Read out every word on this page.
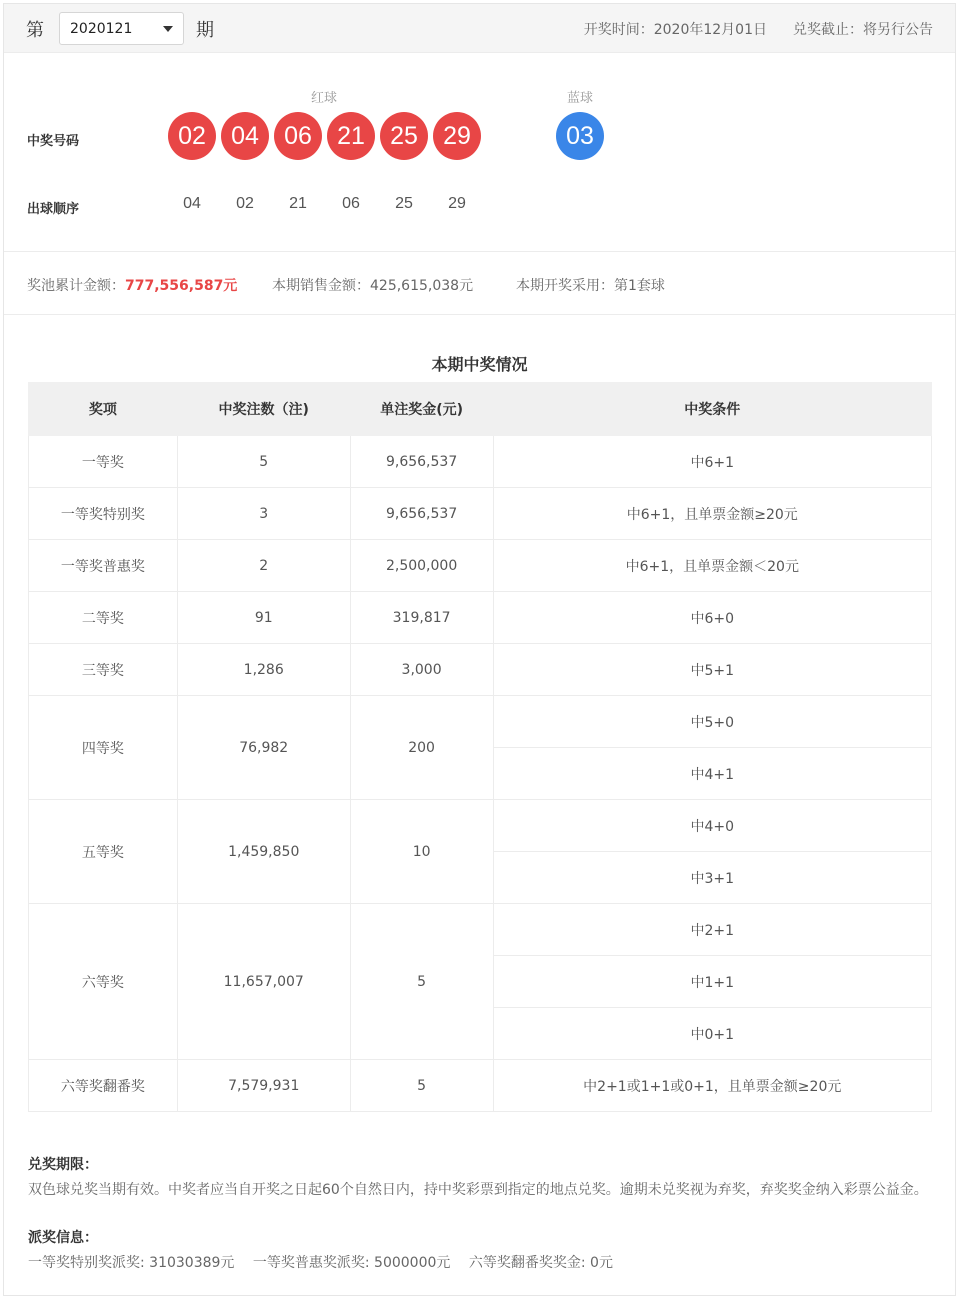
第 2020121	期	开奖时间：2020年12月01日 兑奖截止：将另行公告
红球	蓝球
中奖号码	02	04	06	21	25	29	03
出球顺序	04	02	21	06	25	29
奖池累计金额：777,556,587元 本期销售金额：425,615,038元	本期开奖采用：第1套球
本期中奖情况
奖项	中奖注数（注)	单注奖金(元)	中奖条件
一等奖	5	9,656,537	中6+1
一等奖特别奖	3	9,656,537	中6+1，且单票金额≥20元
一等奖普惠奖	2	2,500,000	中6+1，且单票金额＜20元
二等奖	91	319,817	中6+0
三等奖	1,286	3,000	中5+1
四等奖	76,982	200	中5+0
			中4+1
五等奖	1,459,850	10	中4+0
			中3+1
六等奖	11,657,007	5	中2+1
			中1+1
			中0+1
六等奖翻番奖	7,579,931	5	中2+1或1+1或0+1，且单票金额≥20元
兑奖期限：
双色球兑奖当期有效。中奖者应当自开奖之日起60个自然日内，持中奖彩票到指定的地点兑奖。逾期未兑奖视为弃奖，弃奖奖金纳入彩票公益金。
派奖信息：
一等奖特别奖派奖: 31030389元 一等奖普惠奖派奖: 5000000元 六等奖翻番奖奖金: 0元
